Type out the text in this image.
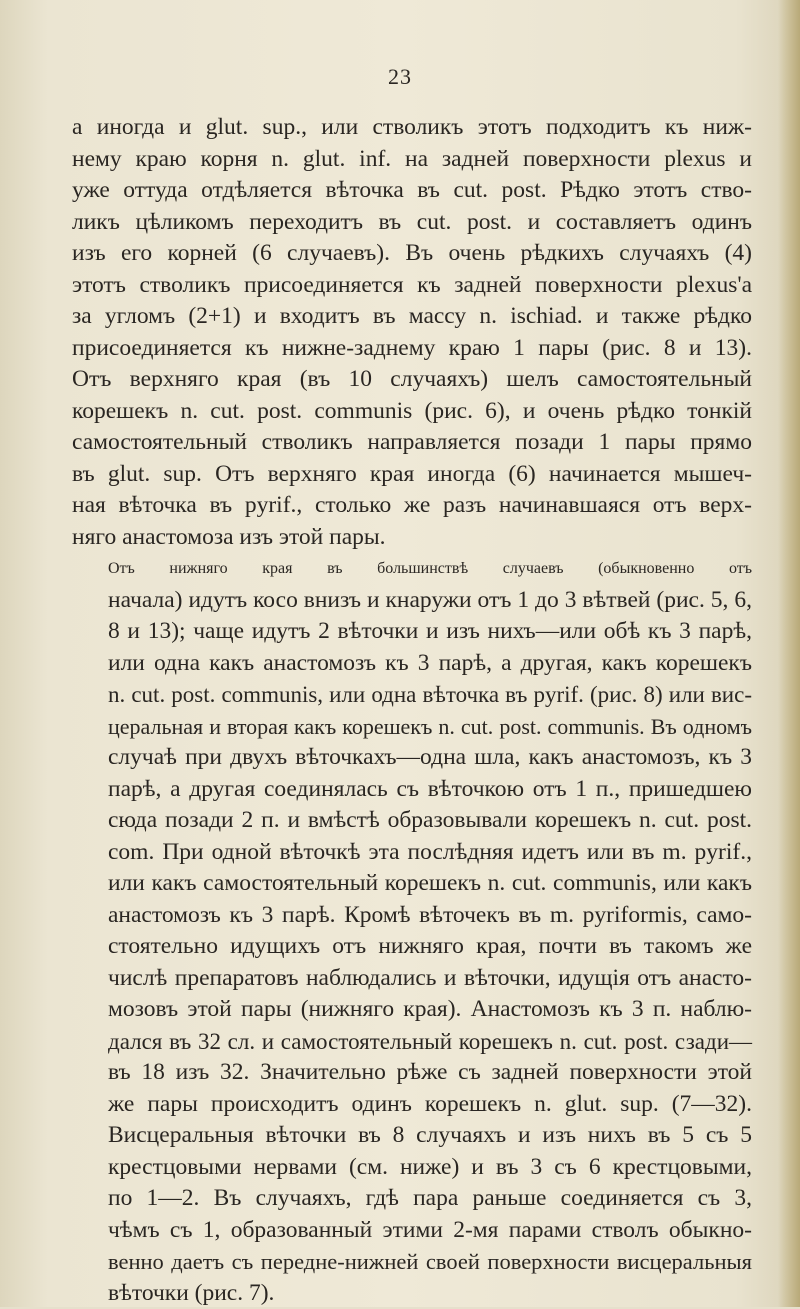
23

а иногда и glut. sup., или стволикъ этотъ подходитъ къ ниж-
нему краю корня n. glut. inf. на задней поверхности plexus и
уже оттуда отдѣляется вѣточка въ cut. post. Рѣдко этотъ ство-
ликъ цѣликомъ переходитъ въ cut. post. и составляетъ одинъ
изъ его корней (6 случаевъ). Въ очень рѣдкихъ случаяхъ (4)
этотъ стволикъ присоединяется къ задней поверхности plexus'а
за угломъ (2+1) и входитъ въ массу n. ischiad. и также рѣдко
присоединяется къ нижне-заднему краю 1 пары (рис. 8 и 13).
Отъ верхняго края (въ 10 случаяхъ) шелъ самостоятельный
корешекъ n. cut. post. communis (рис. 6), и очень рѣдко тонкій
самостоятельный стволикъ направляется позади 1 пары прямо
въ glut. sup. Отъ верхняго края иногда (6) начинается мышеч-
ная вѣточка въ pyrif., столько же разъ начинавшаяся отъ верх-
няго анастомоза изъ этой пары.

Отъ нижняго края въ большинствѣ случаевъ (обыкновенно отъ
начала) идутъ косо внизъ и кнаружи отъ 1 до 3 вѣтвей (рис. 5, 6,
8 и 13); чаще идутъ 2 вѣточки и изъ нихъ—или обѣ къ 3 парѣ,
или одна какъ анастомозъ къ 3 парѣ, а другая, какъ корешекъ
n. cut. post. communis, или одна вѣточка въ pyrif. (рис. 8) или вис-
церальная и вторая какъ корешекъ n. cut. post. communis. Въ одномъ
случаѣ при двухъ вѣточкахъ—одна шла, какъ анастомозъ, къ 3
парѣ, а другая соединялась съ вѣточкою отъ 1 п., пришедшею
сюда позади 2 п. и вмѣстѣ образовывали корешекъ n. cut. post.
com. При одной вѣточкѣ эта послѣдняя идетъ или въ m. pyrif.,
или какъ самостоятельный корешекъ n. cut. communis, или какъ
анастомозъ къ 3 парѣ. Кромѣ вѣточекъ въ m. pyriformis, само-
стоятельно идущихъ отъ нижняго края, почти въ такомъ же
числѣ препаратовъ наблюдались и вѣточки, идущія отъ анасто-
мозовъ этой пары (нижняго края). Анастомозъ къ 3 п. наблю-
дался въ 32 сл. и самостоятельный корешекъ n. cut. post. сзади—
въ 18 изъ 32. Значительно рѣже съ задней поверхности этой
же пары происходитъ одинъ корешекъ n. glut. sup. (7—32).
Висцеральныя вѣточки въ 8 случаяхъ и изъ нихъ въ 5 съ 5
крестцовыми нервами (см. ниже) и въ 3 съ 6 крестцовыми,
по 1—2. Въ случаяхъ, гдѣ пара раньше соединяется съ 3,
чѣмъ съ 1, образованный этими 2-мя парами стволъ обыкно-
венно даетъ съ передне-нижней своей поверхности висцеральныя
вѣточки (рис. 7).
